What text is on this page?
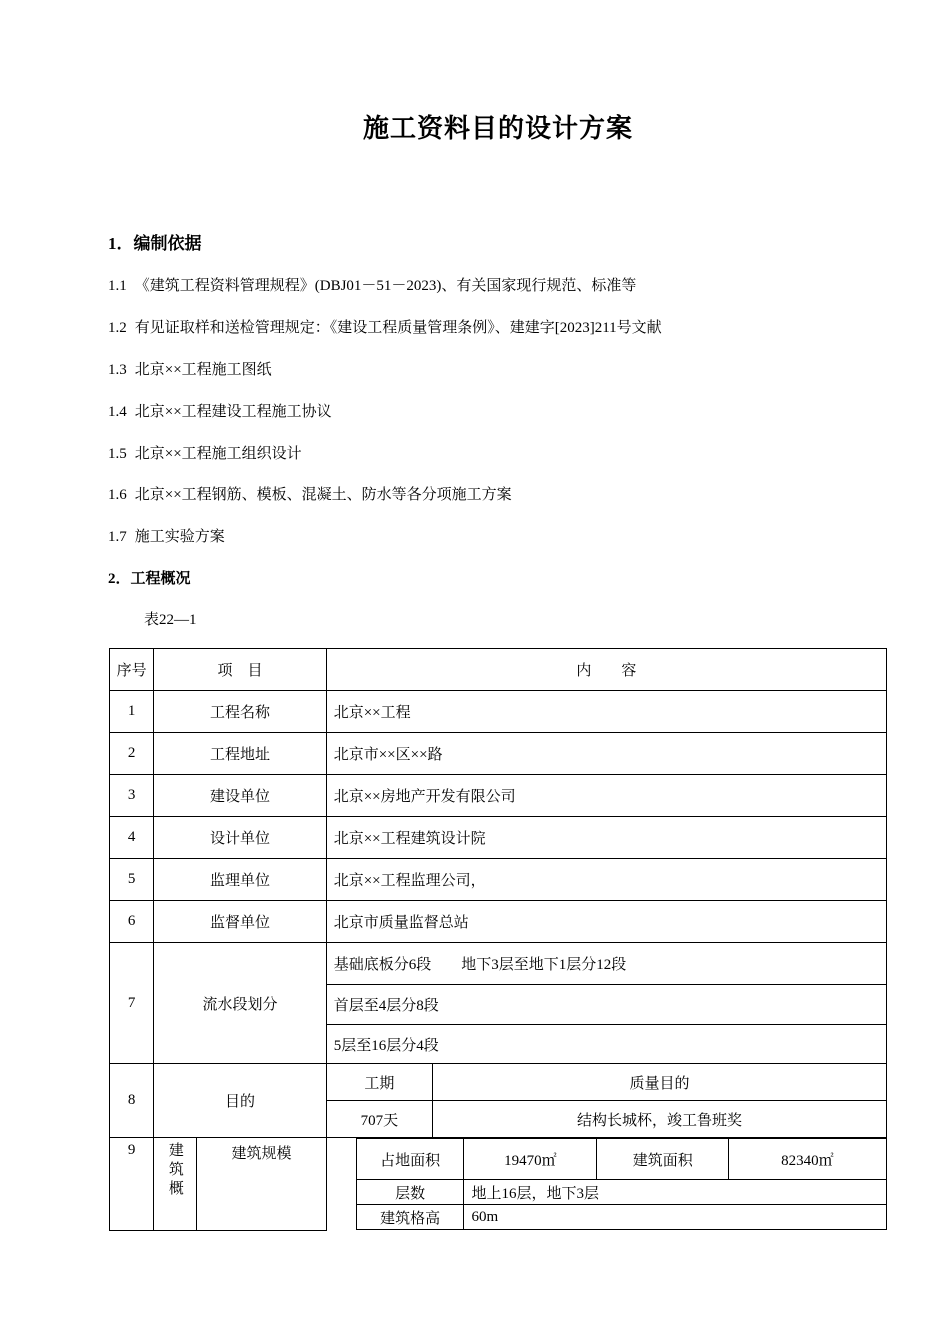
施工资料目的设计方案
1．编制依据
1.1 《建筑工程资料管理规程》(DBJ01－51－2023)、有关国家现行规范、标准等
1.2 有见证取样和送检管理规定：《建设工程质量管理条例》、建建字[2023]211号文献
1.3 北京××工程施工图纸
1.4 北京××工程建设工程施工协议
1.5 北京××工程施工组织设计
1.6 北京××工程钢筋、模板、混凝土、防水等各分项施工方案
1.7 施工实验方案
2．工程概况
表22—1
序号	项　目	内　　容
1	工程名称	北京××工程
2	工程地址	北京市××区××路
3	建设单位	北京××房地产开发有限公司
4	设计单位	北京××工程建筑设计院
5	监理单位	北京××工程监理公司，
6	监督单位	北京市质量监督总站
7	流水段划分	基础底板分6段　　地下3层至地下1层分12段
首层至4层分8段
5层至16层分4段
8	目的	工期	质量目的
707天	结构长城杯，竣工鲁班奖
9	建筑概	建筑规模		占地面积	19470㎡	建筑面积	82340㎡
层数	地上16层，地下3层
建筑格高	60m
